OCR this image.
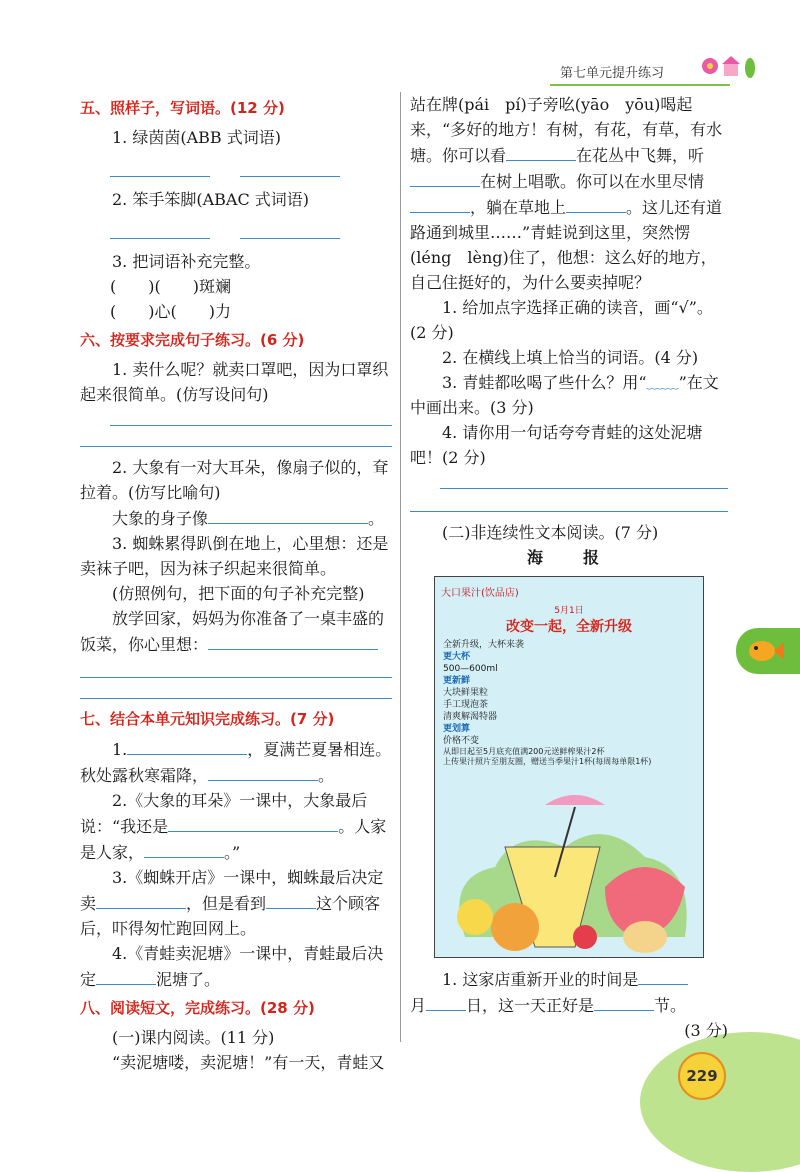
第七单元提升练习

五、照样子，写词语。(12 分)

1. 绿茵茵(ABB 式词语)

2. 笨手笨脚(ABAC 式词语)

3. 把词语补充完整。

(　　)(　　)斑斓

(　　)心(　　)力

六、按要求完成句子练习。(6 分)

1. 卖什么呢？就卖口罩吧，因为口罩织起来很简单。(仿写设问句)

2. 大象有一对大耳朵，像扇子似的，耷拉着。(仿写比喻句)

大象的身子像	。

3. 蜘蛛累得趴倒在地上，心里想：还是卖袜子吧，因为袜子织起来很简单。

(仿照例句，把下面的句子补充完整)

放学回家，妈妈为你准备了一桌丰盛的饭菜，你心里想：

七、结合本单元知识完成练习。(7 分)

1.	，夏满芒夏暑相连。秋处露秋寒霜降，	。

2.《大象的耳朵》一课中，大象最后说：“我还是	。人家是人家，	。”

3.《蜘蛛开店》一课中，蜘蛛最后决定卖	，但是看到	这个顾客后，吓得匆忙跑回网上。

4.《青蛙卖泥塘》一课中，青蛙最后决定	泥塘了。

八、阅读短文，完成练习。(28 分)

(一)课内阅读。(11 分)

“卖泥塘喽，卖泥塘！”有一天，青蛙又

站在牌(pái　pí)子旁吆(yāo　yōu)喝起来，“多好的地方！有树，有花，有草，有水塘。你可以看	在花丛中飞舞，听在树上唱歌。你可以在水里尽情，躺在草地上	。这儿还有道路通到城里……”青蛙说到这里，突然愣(léng　lèng)住了，他想：这么好的地方，自己住挺好的，为什么要卖掉呢？

1. 给加点字选择正确的读音，画“√”。(2 分)

2. 在横线上填上恰当的词语。(4 分)

3. 青蛙都吆喝了些什么？用“﹏﹏”在文中画出来。(3 分)

4. 请你用一句话夸夸青蛙的这处泥塘吧！(2 分)

(二)非连续性文本阅读。(7 分)

海　报

大口果汁(饮品店)
5月1日
改变一起，全新升级
全新升级，大杯来袭
更大杯
500—600ml
更新鲜
大块鲜果粒
手工现泡茶
清爽解渴特器
更划算
价格不变
从即日起至5月底充值满200元送鲜榨果汁2杯
上传果汁照片至朋友圈，赠送当季果汁1杯(每周每单限1杯)

1. 这家店重新开业的时间是

月	日，这一天正好是	节。

(3 分)

229
